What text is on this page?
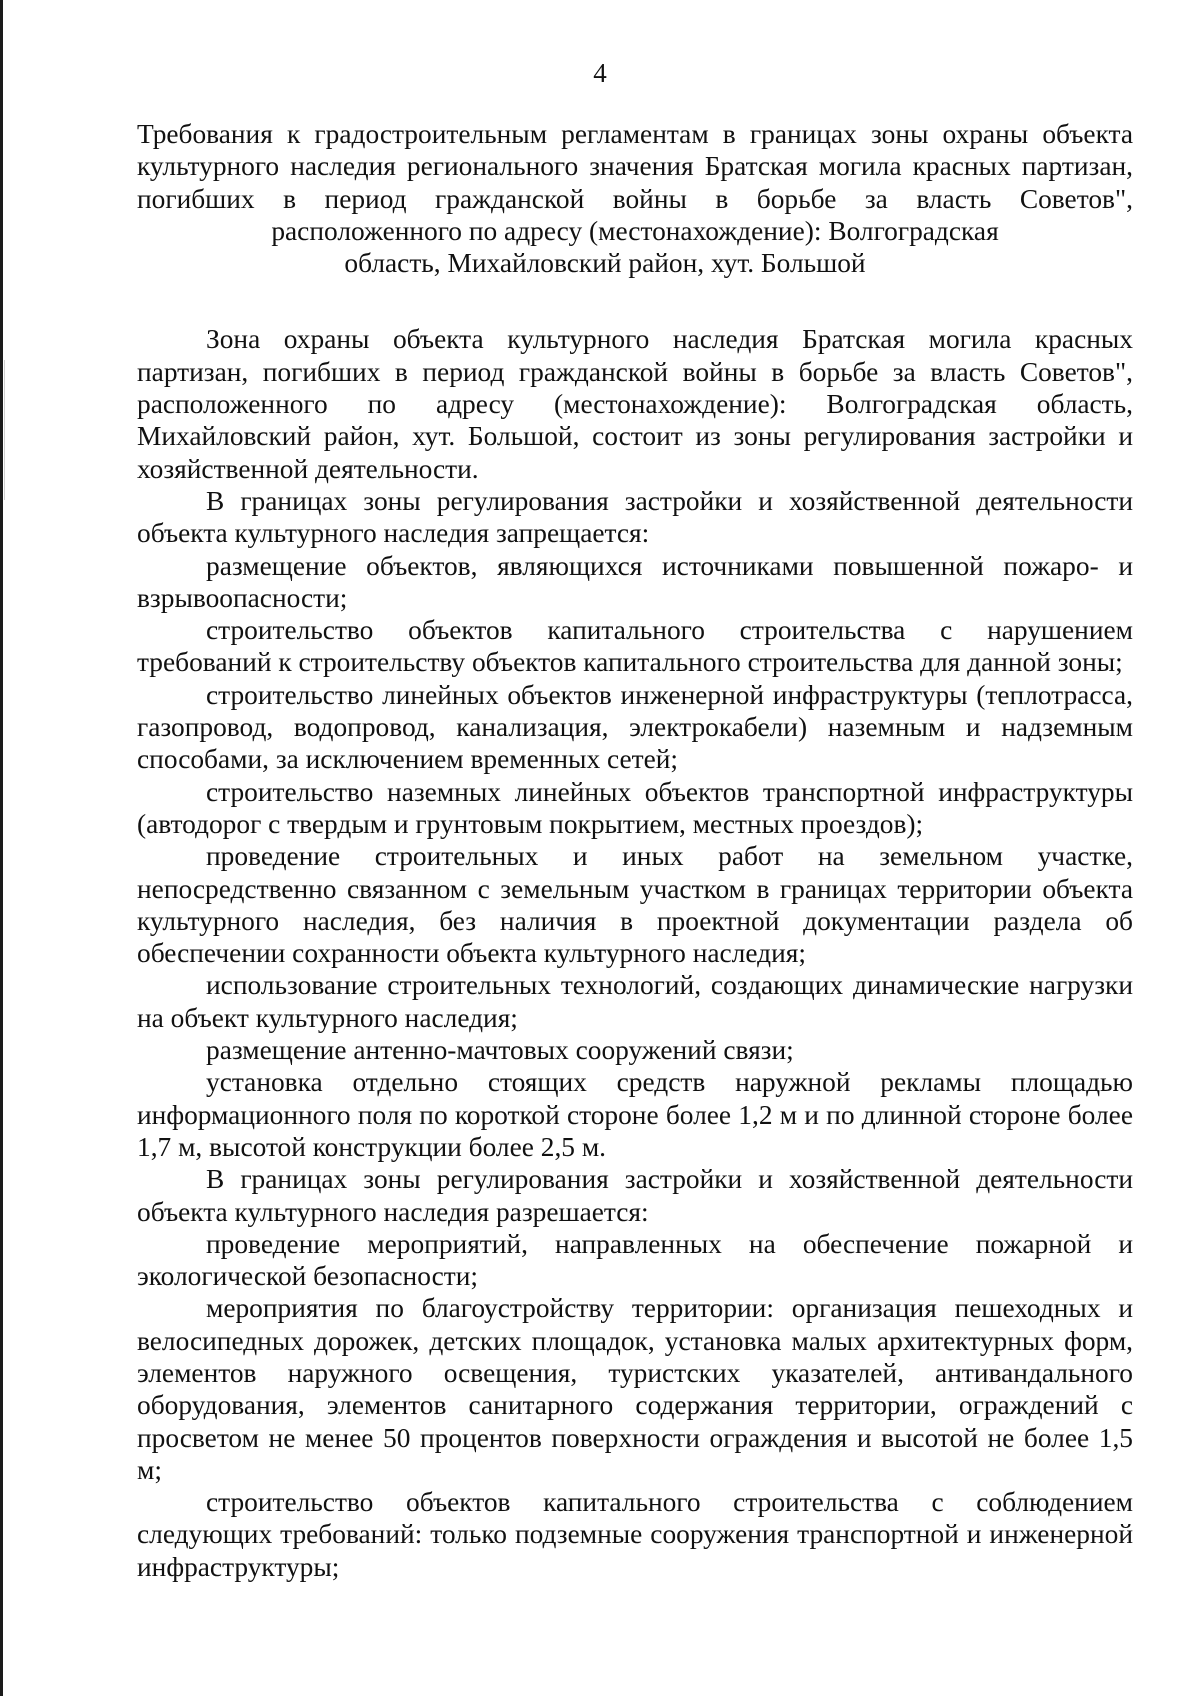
4

Требования к градостроительным регламентам в границах зоны охраны объекта культурного наследия регионального значения Братская могила красных партизан, погибших в период гражданской войны в борьбе за власть Советов", расположенного по адресу (местонахождение): Волгоградская
область, Михайловский район, хут. Большой

Зона охраны объекта культурного наследия Братская могила красных партизан, погибших в период гражданской войны в борьбе за власть Советов", расположенного по адресу (местонахождение): Волгоградская область, Михайловский район, хут. Большой, состоит из зоны регулирования застройки и хозяйственной деятельности.

В границах зоны регулирования застройки и хозяйственной деятельности объекта культурного наследия запрещается:

размещение объектов, являющихся источниками повышенной пожаро- и взрывоопасности;

строительство объектов капитального строительства с нарушением требований к строительству объектов капитального строительства для данной зоны;

строительство линейных объектов инженерной инфраструктуры (теплотрасса, газопровод, водопровод, канализация, электрокабели) наземным и надземным способами, за исключением временных сетей;

строительство наземных линейных объектов транспортной инфраструктуры (автодорог с твердым и грунтовым покрытием, местных проездов);

проведение строительных и иных работ на земельном участке, непосредственно связанном с земельным участком в границах территории объекта культурного наследия, без наличия в проектной документации раздела об обеспечении сохранности объекта культурного наследия;

использование строительных технологий, создающих динамические нагрузки на объект культурного наследия;

размещение антенно-мачтовых сооружений связи;

установка отдельно стоящих средств наружной рекламы площадью информационного поля по короткой стороне более 1,2 м и по длинной стороне более 1,7 м, высотой конструкции более 2,5 м.

В границах зоны регулирования застройки и хозяйственной деятельности объекта культурного наследия разрешается:

проведение мероприятий, направленных на обеспечение пожарной и экологической безопасности;

мероприятия по благоустройству территории: организация пешеходных и велосипедных дорожек, детских площадок, установка малых архитектурных форм, элементов наружного освещения, туристских указателей, антивандального оборудования, элементов санитарного содержания территории, ограждений с просветом не менее 50 процентов поверхности ограждения и высотой не более 1,5 м;

строительство объектов капитального строительства с соблюдением следующих требований: только подземные сооружения транспортной и инженерной инфраструктуры;
